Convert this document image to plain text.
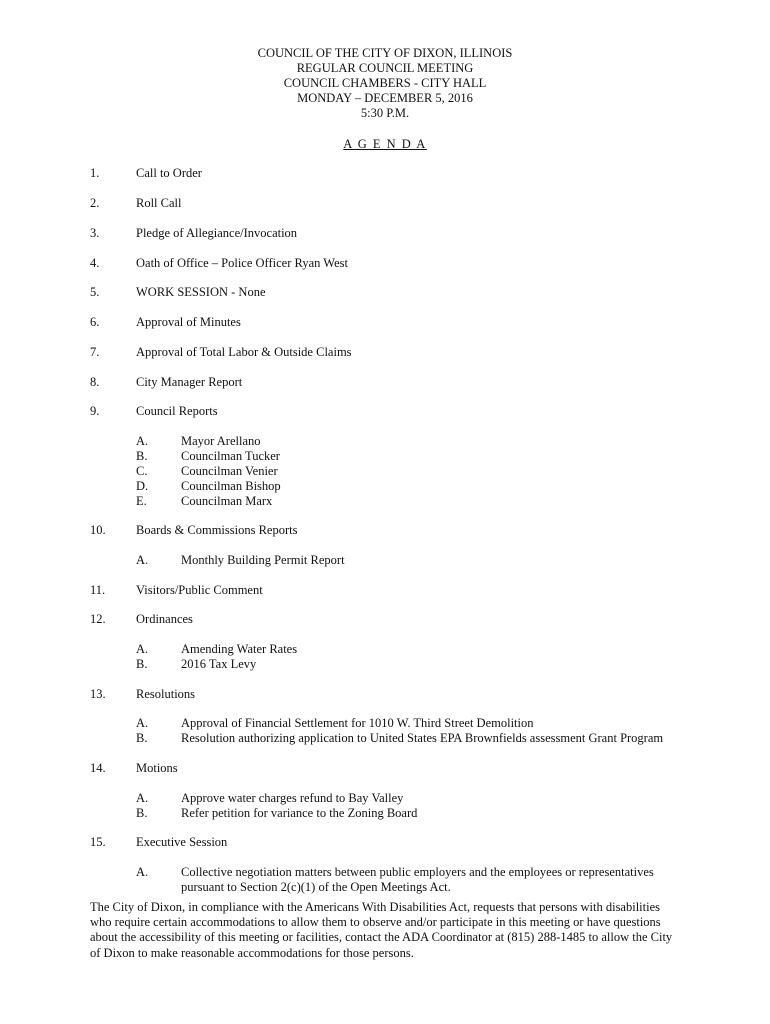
COUNCIL OF THE CITY OF DIXON, ILLINOIS
REGULAR COUNCIL MEETING
COUNCIL CHAMBERS - CITY HALL
MONDAY – DECEMBER 5, 2016
5:30 P.M.
A G E N D A
1.	Call to Order
2.	Roll Call
3.	Pledge of Allegiance/Invocation
4.	Oath of Office – Police Officer Ryan West
5.	WORK SESSION - None
6.	Approval of Minutes
7.	Approval of Total Labor & Outside Claims
8.	City Manager Report
9.	Council Reports
A.	Mayor Arellano
B.	Councilman Tucker
C.	Councilman Venier
D.	Councilman Bishop
E.	Councilman Marx
10. Boards & Commissions Reports
A.	Monthly Building Permit Report
11. Visitors/Public Comment
12. Ordinances
A.	Amending Water Rates
B.	2016 Tax Levy
13. Resolutions
A.	Approval of Financial Settlement for 1010 W. Third Street Demolition
B.	Resolution authorizing application to United States EPA Brownfields assessment Grant Program
14. Motions
A.	Approve water charges refund to Bay Valley
B.	Refer petition for variance to the Zoning Board
15. Executive Session
A.	Collective negotiation matters between public employers and the employees or representatives
pursuant to Section 2(c)(1) of the Open Meetings Act.
The City of Dixon, in compliance with the Americans With Disabilities Act, requests that persons with disabilities
who require certain accommodations to allow them to observe and/or participate in this meeting or have questions
about the accessibility of this meeting or facilities, contact the ADA Coordinator at (815) 288-1485 to allow the City
of Dixon to make reasonable accommodations for those persons.
